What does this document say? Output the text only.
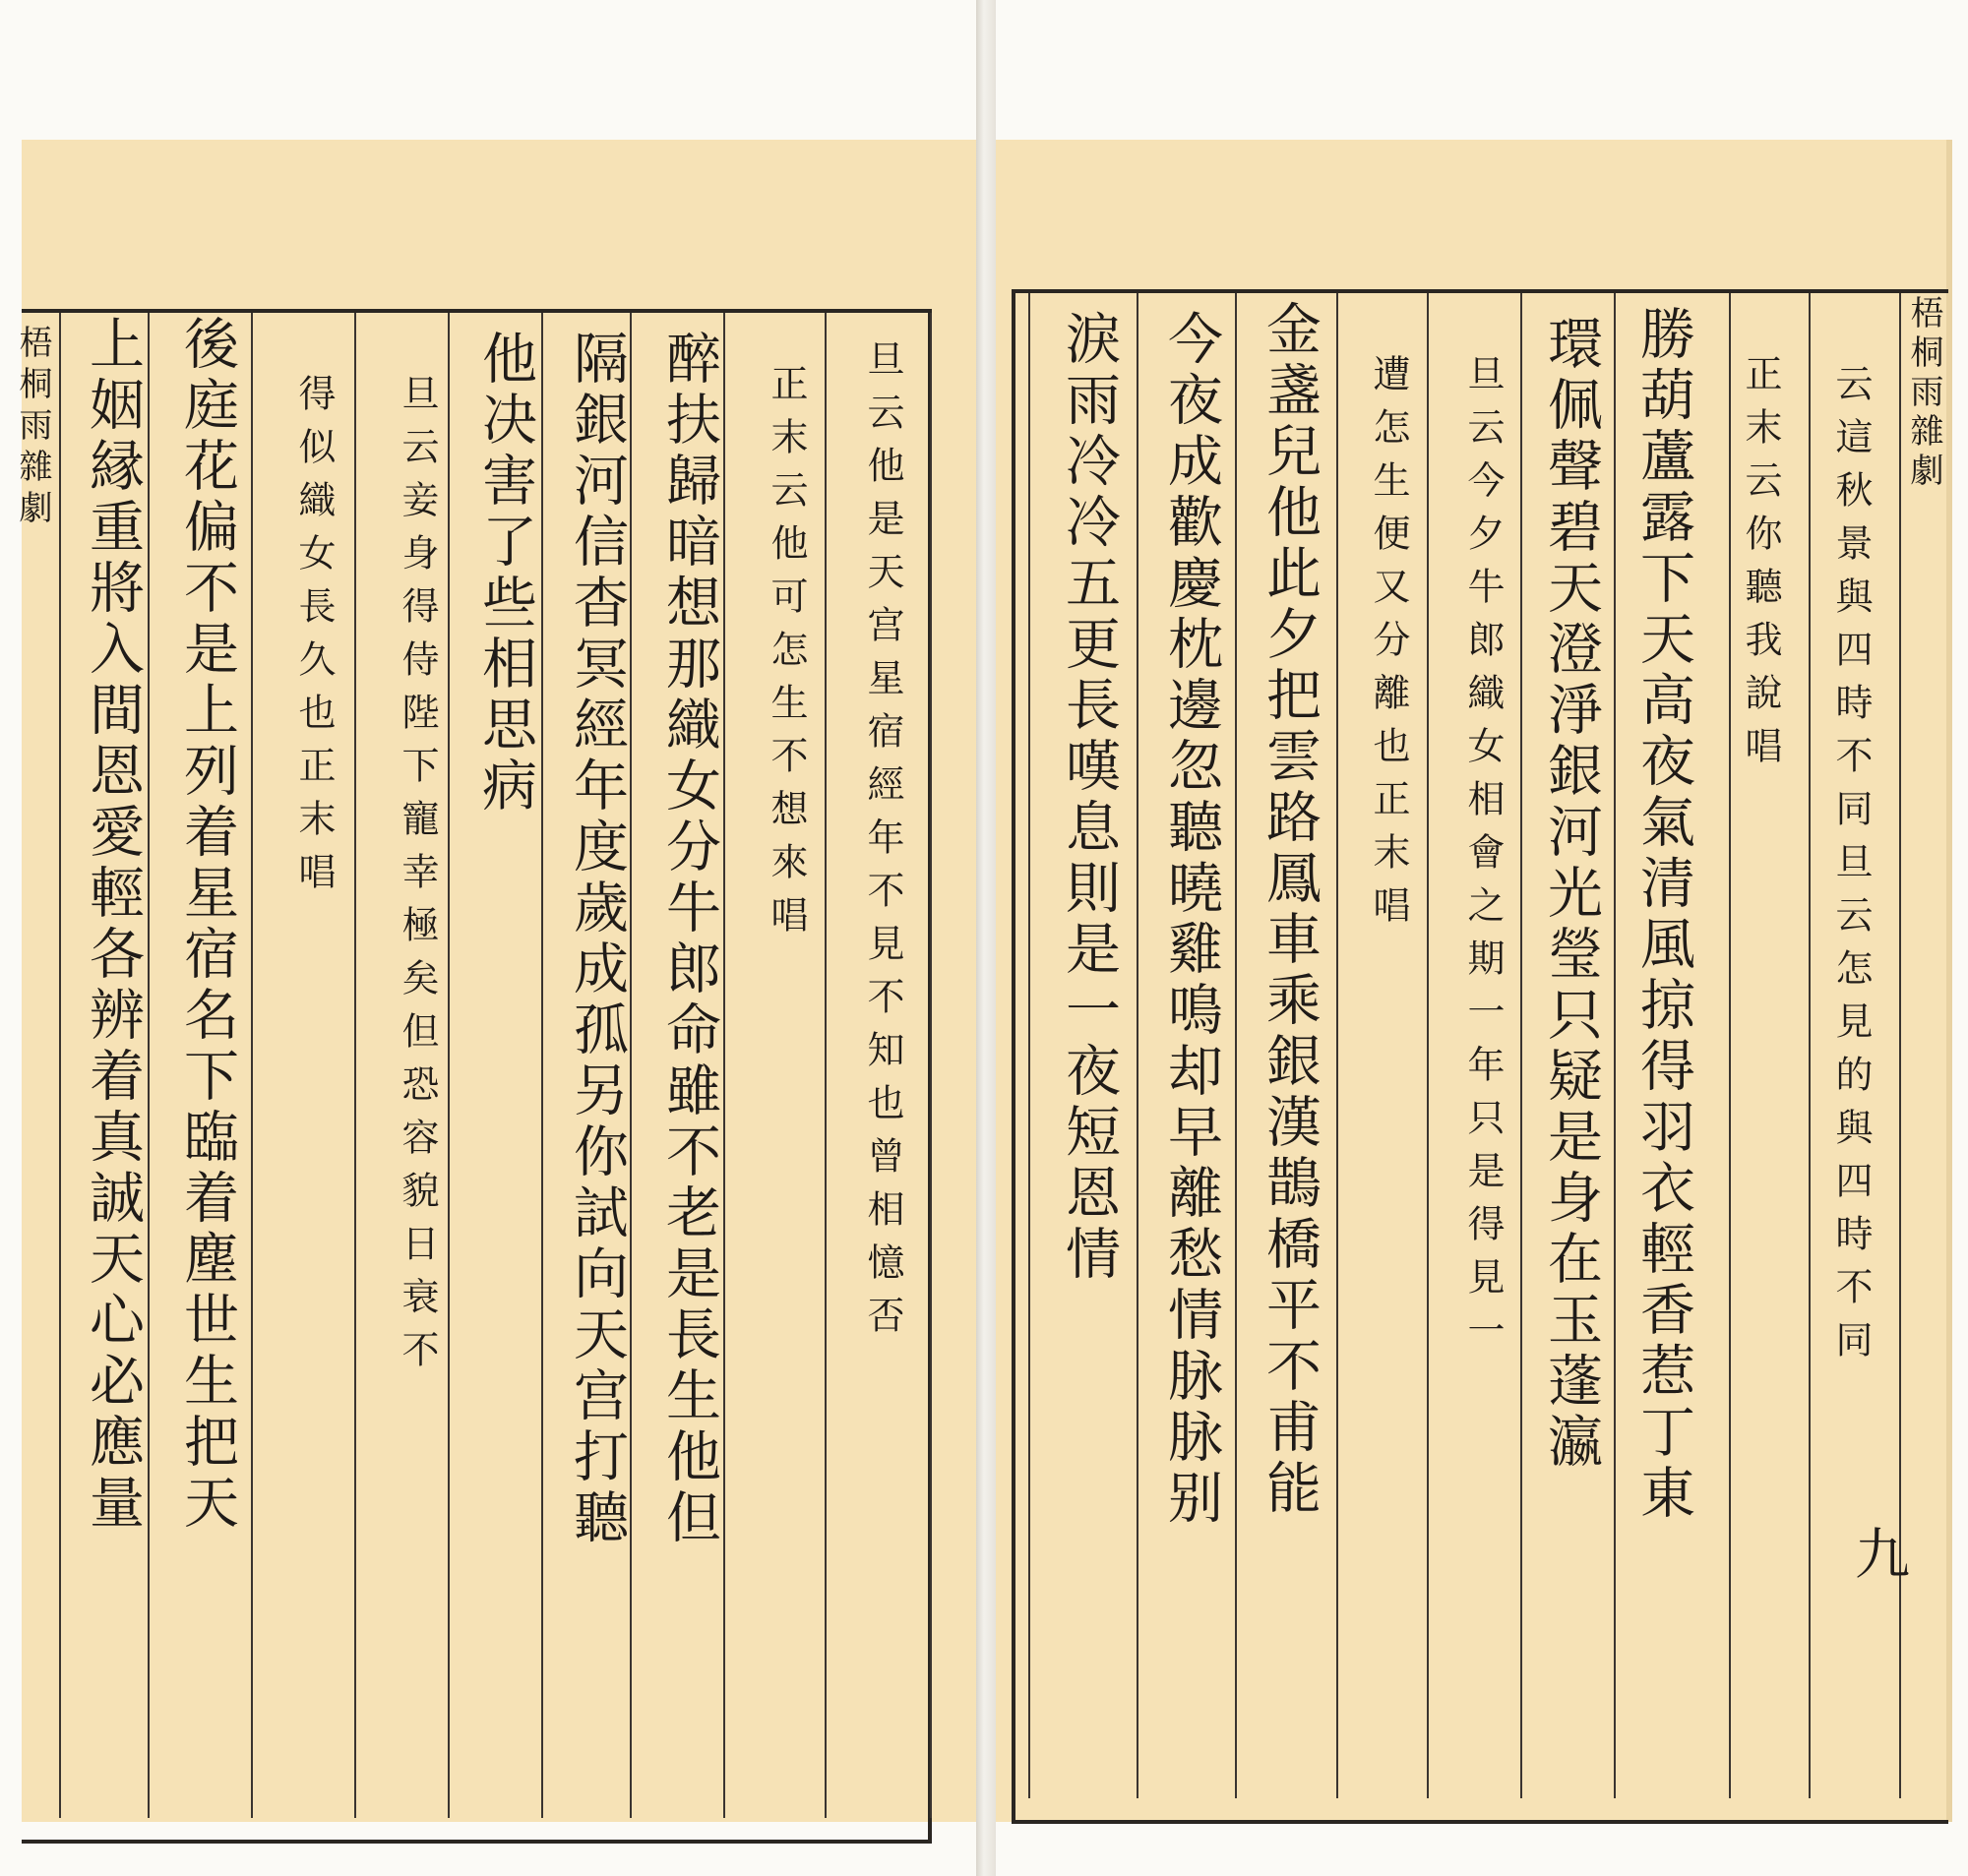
旦云他是天宫星宿經年不見不知也曾相憶否
正末云他可怎生不想來唱
醉扶歸暗想那織女分牛郎命雖不老是長生他但
隔銀河信杳冥經年度歲成孤另你試向天宫打聽
他决害了些相思病
旦云妾身得侍陛下寵幸極矣但恐容貌日衰不
得似織女長久也正末唱
後庭花偏不是上列着星宿名下臨着塵世生把天
上姻縁重將入間恩愛輕各辨着真誠天心必應量
梧桐雨雜劇	梧桐雨雜劇
九
云這秋景與四時不同旦云怎見的與四時不同
正末云你聽我說唱
勝葫蘆露下天高夜氣清風掠得羽衣輕香惹丁東
環佩聲碧天澄淨銀河光瑩只疑是身在玉蓬瀛
旦云今夕牛郎織女相會之期一年只是得見一
遭怎生便又分離也正末唱
金盞兒他此夕把雲路鳳車乘銀漢鵲橋平不甫能
今夜成歡慶枕邊忽聽曉雞鳴却早離愁情脉脉别
淚雨冷冷五更長嘆息則是一夜短恩情
